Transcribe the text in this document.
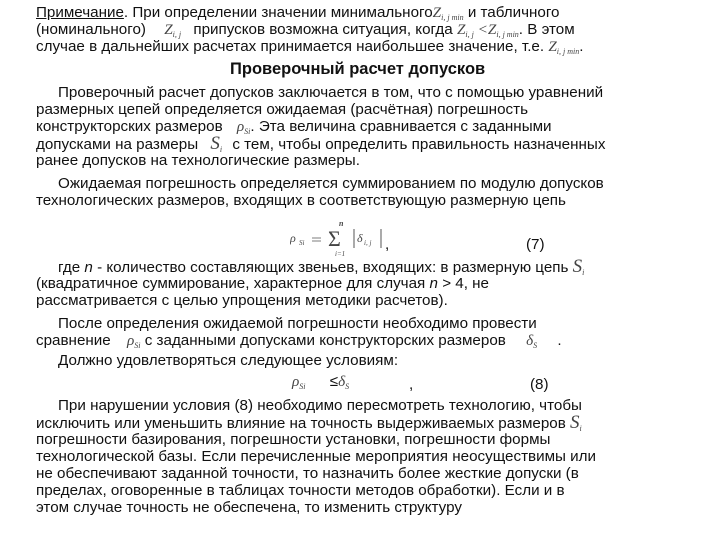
Примечание. При определении значении минимальногоZ$_{i, j min}$ и табличного
(номинального) $Z_{i, j}$ припусков возможна ситуация, когда $Z_{i, j} <Z_{i, j min}$. В этом
случае в дальнейших расчетах принимается наибольшее значение, т.е. $Z_{i, j min}$.
Проверочный расчет допусков
Проверочный расчет допусков заключается в том, что с помощью уравнений
размерных цепей определяется ожидаемая (расчётная) погрешность
конструкторских размеров $\rho_{Si}$. Эта величина сравнивается с заданными
допусками на размеры $S_i$ с тем, чтобы определить правильность назначенных
ранее допусков на технологические размеры.
Ожидаемая погрешность определяется суммированием по модулю допусков
технологических размеров, входящих в соответствующую размерную цепь
ρ Si
n
Σ
i=1
δ i, j ,	(7)
где n - количество составляющих звеньев, входящих: в размерную цепь $S_i$
(квадратичное суммирование, характерное для случая n > 4, не
рассматривается с целью упрощения методики расчетов).
После определения ожидаемой погрешности необходимо провести
сравнение $\rho_{Si}$ с заданными допусками конструкторских размеров $\delta_S$ .
Должно удовлетворяться следующее условиям:
$\rho_{Si} \le\delta_S$	,	(8)
При нарушении условия (8) необходимо пересмотреть технологию, чтобы
исключить или уменьшить влияние на точность выдерживаемых размеров $S_i$
погрешности базирования, погрешности установки, погрешности формы
технологической базы. Если перечисленные мероприятия неосуществимы или
не обеспечивают заданной точности, то назначить более жесткие допуски (в
пределах, оговоренные в таблицах точности методов обработки). Если и в
этом случае точность не обеспечена, то изменить структуру
